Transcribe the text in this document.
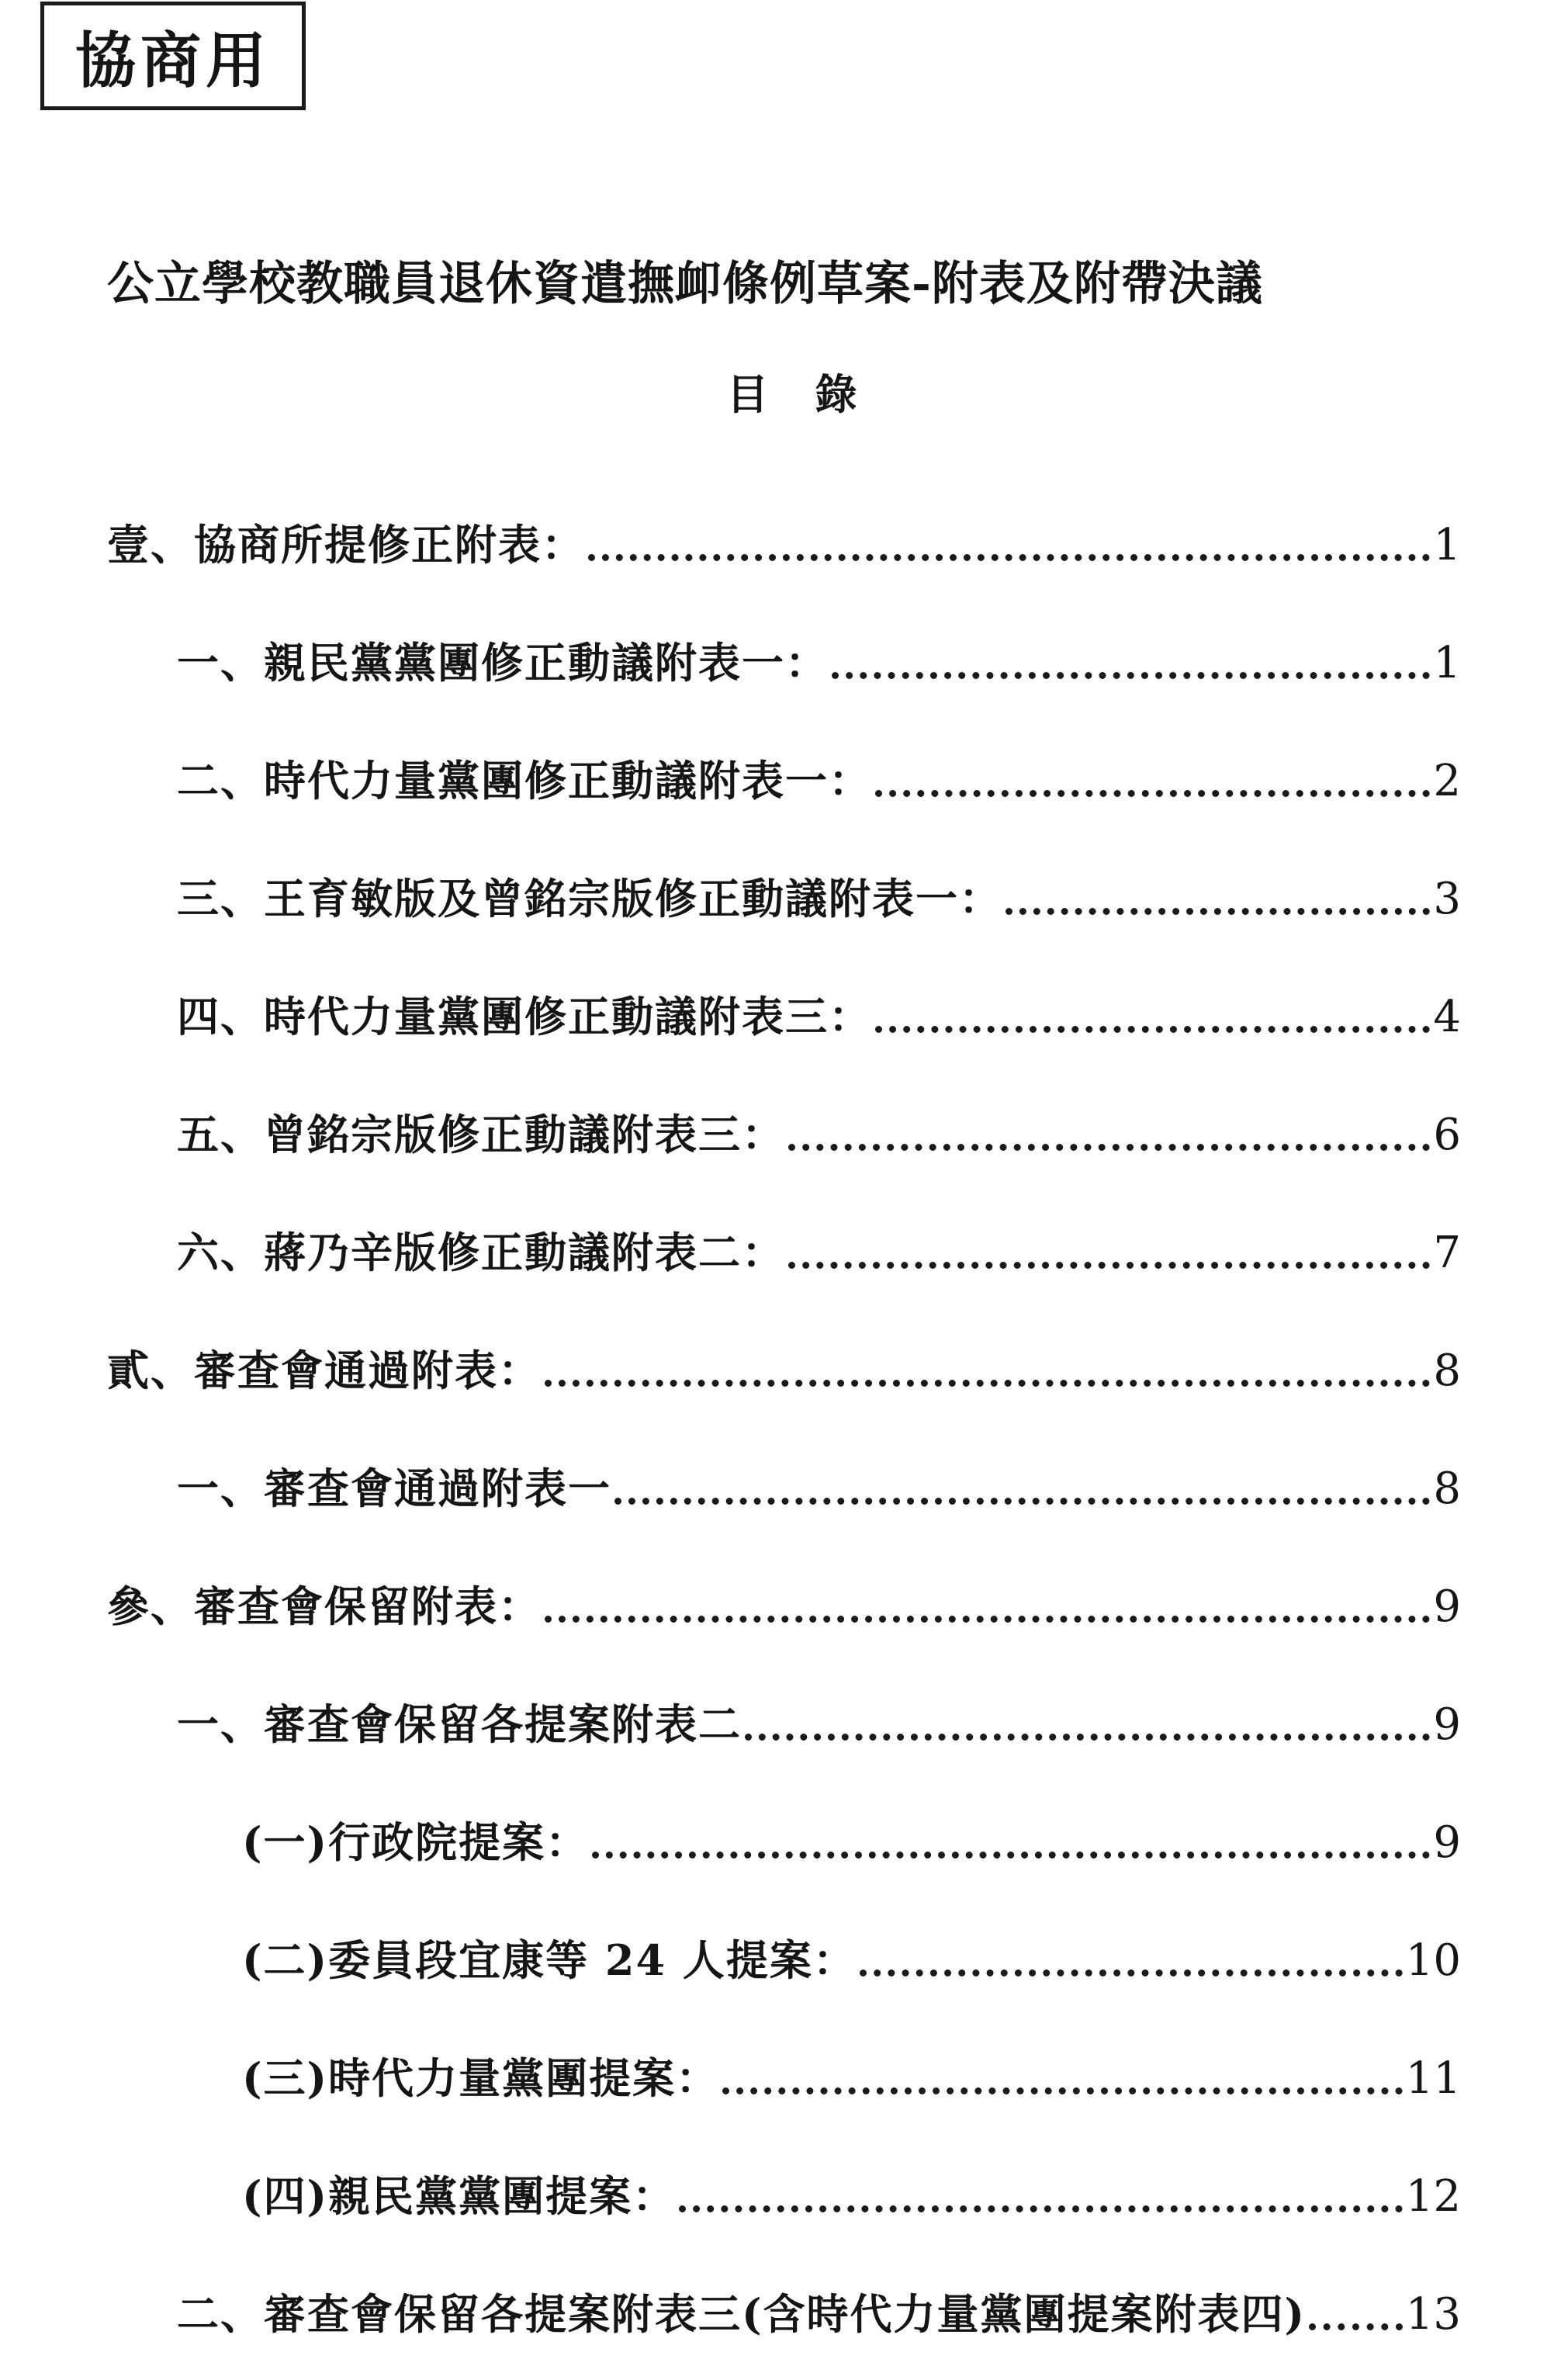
協商用
公立學校教職員退休資遣撫卹條例草案-附表及附帶決議
目錄
壹、協商所提修正附表：	1
一、親民黨黨團修正動議附表一：	1
二、時代力量黨團修正動議附表一：	2
三、王育敏版及曾銘宗版修正動議附表一：	3
四、時代力量黨團修正動議附表三：	4
五、曾銘宗版修正動議附表三：	6
六、蔣乃辛版修正動議附表二：	7
貳、審查會通過附表：	8
一、審查會通過附表一	8
參、審查會保留附表：	9
一、審查會保留各提案附表二	9
(一)行政院提案：	9
(二)委員段宜康等 24 人提案：	10
(三)時代力量黨團提案：	11
(四)親民黨黨團提案：	12
二、審查會保留各提案附表三(含時代力量黨團提案附表四) 13
